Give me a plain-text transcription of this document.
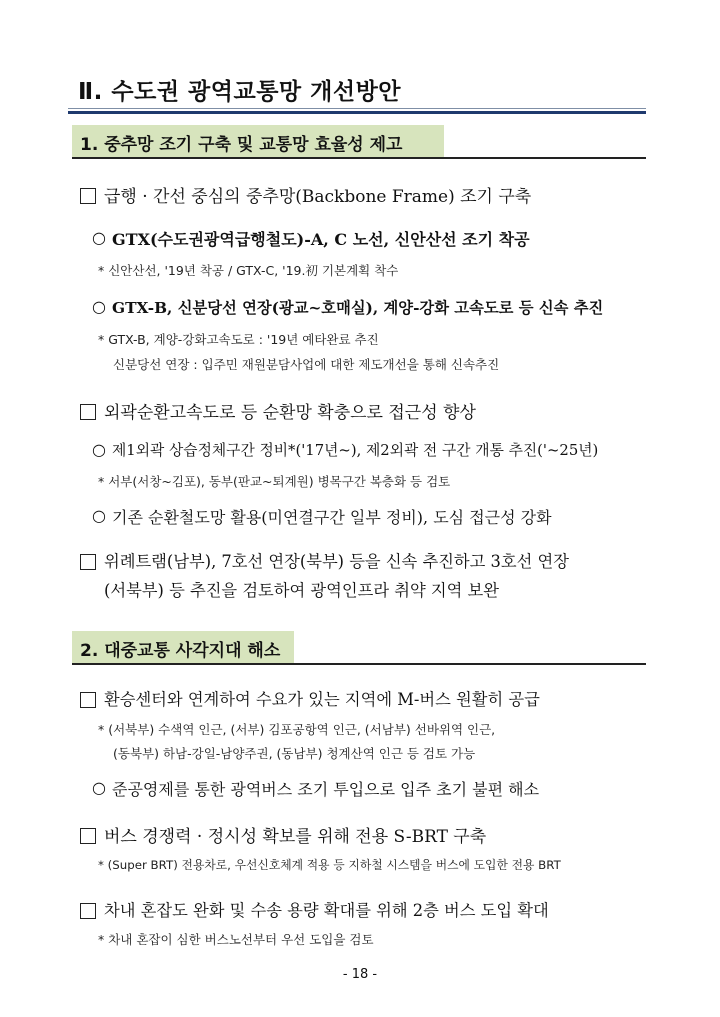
Ⅱ. 수도권 광역교통망 개선방안
1. 중추망 조기 구축 및 교통망 효율성 제고
급행 · 간선 중심의 중추망(Backbone Frame) 조기 구축
○ GTX(수도권광역급행철도)-A, C 노선, 신안산선 조기 착공
* 신안산선, '19년 착공 / GTX-C, '19.初 기본계획 착수
○ GTX-B, 신분당선 연장(광교~호매실), 계양-강화 고속도로 등 신속 추진
* GTX-B, 계양-강화고속도로 : '19년 예타완료 추진
신분당선 연장 : 입주민 재원분담사업에 대한 제도개선을 통해 신속추진
외곽순환고속도로 등 순환망 확충으로 접근성 향상
○ 제1외곽 상습정체구간 정비*('17년~), 제2외곽 전 구간 개통 추진('~25년)
* 서부(서창~김포), 동부(판교~퇴계원) 병목구간 복층화 등 검토
○ 기존 순환철도망 활용(미연결구간 일부 정비), 도심 접근성 강화
위례트램(남부), 7호선 연장(북부) 등을 신속 추진하고 3호선 연장
(서북부) 등 추진을 검토하여 광역인프라 취약 지역 보완
2. 대중교통 사각지대 해소
환승센터와 연계하여 수요가 있는 지역에 M-버스 원활히 공급
* (서북부) 수색역 인근, (서부) 김포공항역 인근, (서남부) 선바위역 인근,
(동북부) 하남-강일-남양주권, (동남부) 청계산역 인근 등 검토 가능
○ 준공영제를 통한 광역버스 조기 투입으로 입주 초기 불편 해소
버스 경쟁력 · 정시성 확보를 위해 전용 S-BRT 구축
* (Super BRT) 전용차로, 우선신호체계 적용 등 지하철 시스템을 버스에 도입한 전용 BRT
차내 혼잡도 완화 및 수송 용량 확대를 위해 2층 버스 도입 확대
* 차내 혼잡이 심한 버스노선부터 우선 도입을 검토
- 18 -
